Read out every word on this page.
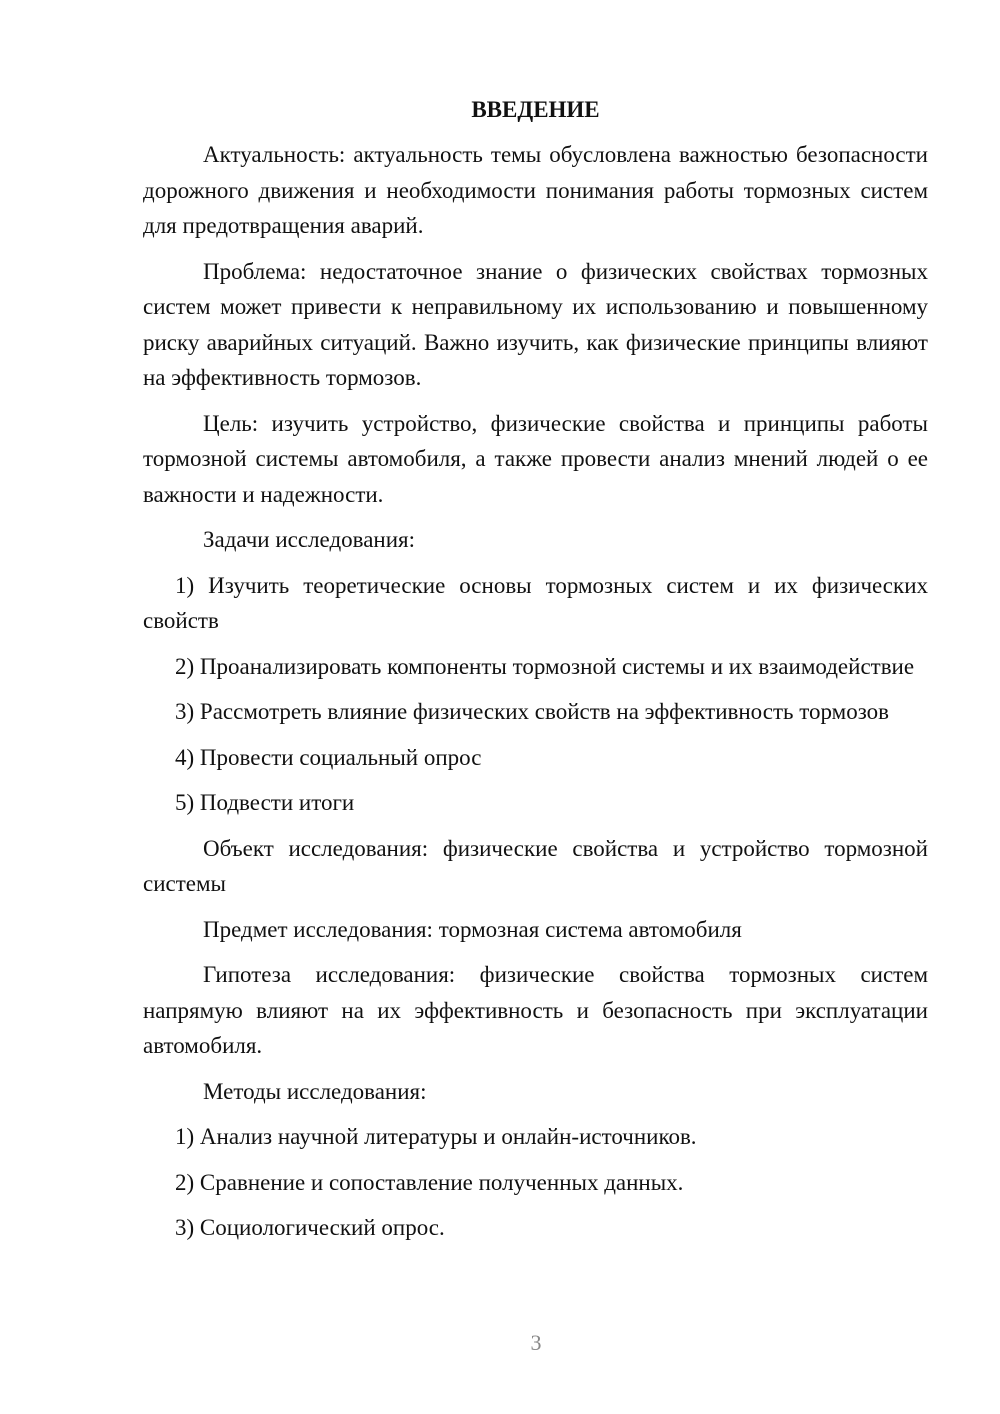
ВВЕДЕНИЕ

Актуальность: актуальность темы обусловлена важностью безопасности дорожного движения и необходимости понимания работы тормозных систем для предотвращения аварий.

Проблема: недостаточное знание о физических свойствах тормозных систем может привести к неправильному их использованию и повышенному риску аварийных ситуаций. Важно изучить, как физические принципы влияют на эффективность тормозов.

Цель: изучить устройство, физические свойства и принципы работы тормозной системы автомобиля, а также провести анализ мнений людей о ее важности и надежности.

Задачи исследования:

1) Изучить теоретические основы тормозных систем и их физических свойств

2) Проанализировать компоненты тормозной системы и их взаимодействие

3) Рассмотреть влияние физических свойств на эффективность тормозов

4) Провести социальный опрос

5) Подвести итоги

Объект исследования: физические свойства и устройство тормозной системы

Предмет исследования: тормозная система автомобиля

Гипотеза исследования: физические свойства тормозных систем напрямую влияют на их эффективность и безопасность при эксплуатации автомобиля.

Методы исследования:

1) Анализ научной литературы и онлайн-источников.

2) Сравнение и сопоставление полученных данных.

3) Социологический опрос.

3
